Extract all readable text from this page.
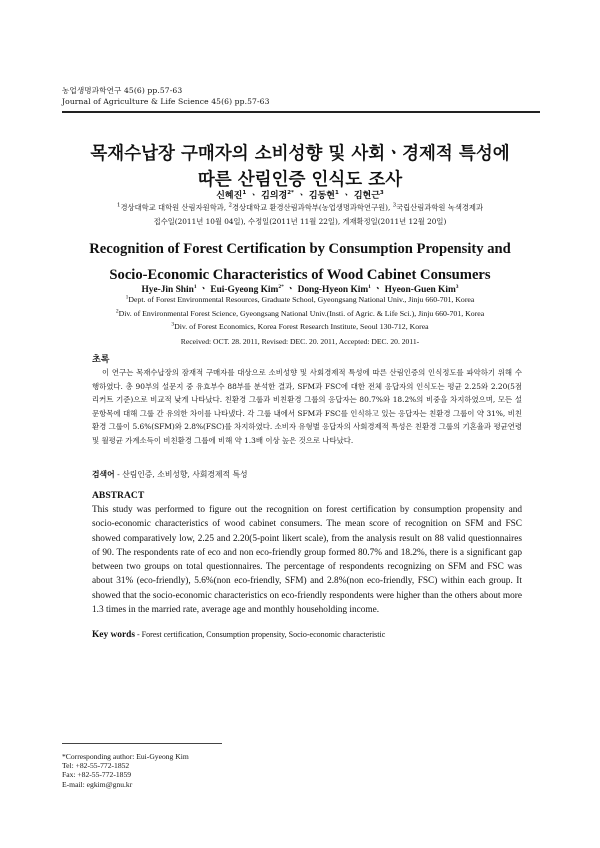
농업생명과학연구 45(6) pp.57-63
Journal of Agriculture & Life Science 45(6) pp.57-63
목재수납장 구매자의 소비성향 및 사회ㆍ경제적 특성에
따른 산림인증 인식도 조사
신혜진$^1$ ㆍ 김의경$^{2*}$ ㆍ 김동현$^1$ ㆍ 김현근$^3$
$^1$경상대학교 대학원 산림자원학과, $^2$경상대학교 환경산림과학부(농업생명과학연구원), $^3$국립산림과학원 녹색경제과
접수일(2011년 10월 04일), 수정일(2011년 11월 22일), 게재확정일(2011년 12월 20일)
Recognition of Forest Certification by Consumption Propensity and
Socio-Economic Characteristics of Wood Cabinet Consumers
Hye-Jin Shin$^1$ ㆍ Eui-Gyeong Kim$^{2*}$ ㆍ Dong-Hyeon Kim$^1$ ㆍ Hyeon-Guen Kim$^3$
$^1$Dept. of Forest Environmental Resources, Graduate School, Gyeongsang National Univ., Jinju 660-701, Korea
$^2$Div. of Environmental Forest Science, Gyeongsang National Univ.(Insti. of Agric. & Life Sci.), Jinju 660-701, Korea
$^3$Div. of Forest Economics, Korea Forest Research Institute, Seoul 130-712, Korea
Received: OCT. 28. 2011, Revised: DEC. 20. 2011, Accepted: DEC. 20. 2011-
초록
이 연구는 목재수납장의 잠재적 구매자를 대상으로 소비성향 및 사회경제적 특성에 따른 산림인증의 인식정도를 파악하기 위해 수행하였다. 총 90부의 설문지 중 유효부수 88부를 분석한 결과, SFM과 FSC에 대한 전체 응답자의 인식도는 평균 2.25와 2.20(5점 리커트 기준)으로 비교적 낮게 나타났다. 친환경 그룹과 비친환경 그룹의 응답자는 80.7%와 18.2%의 비중을 차지하였으며, 모든 설문항목에 대해 그룹 간 유의한 차이를 나타냈다. 각 그룹 내에서 SFM과 FSC를 인식하고 있는 응답자는 친환경 그룹이 약 31%, 비친환경 그룹이 5.6%(SFM)와 2.8%(FSC)를 차지하였다. 소비자 유형별 응답자의 사회경제적 특성은 친환경 그룹의 기혼율과 평균연령 및 월평균 가계소득이 비친환경 그룹에 비해 약 1.3배 이상 높은 것으로 나타났다.
검색어 - 산림인증, 소비성향, 사회경제적 특성
ABSTRACT
This study was performed to figure out the recognition on forest certification by consumption propensity and socio-economic characteristics of wood cabinet consumers. The mean score of recognition on SFM and FSC showed comparatively low, 2.25 and 2.20(5-point likert scale), from the analysis result on 88 valid questionnaires of 90. The respondents rate of eco and non eco-friendly group formed 80.7% and 18.2%, there is a significant gap between two groups on total questionnaires. The percentage of respondents recognizing on SFM and FSC was about 31% (eco-friendly), 5.6%(non eco-friendly, SFM) and 2.8%(non eco-friendly, FSC) within each group. It showed that the socio-economic characteristics on eco-friendly respondents were higher than the others about more 1.3 times in the married rate, average age and monthly householding income.
Key words - Forest certification, Consumption propensity, Socio-economic characteristic
*Corresponding author: Eui-Gyeong Kim
Tel: +82-55-772-1852
Fax: +82-55-772-1859
E-mail: egkim@gnu.kr
